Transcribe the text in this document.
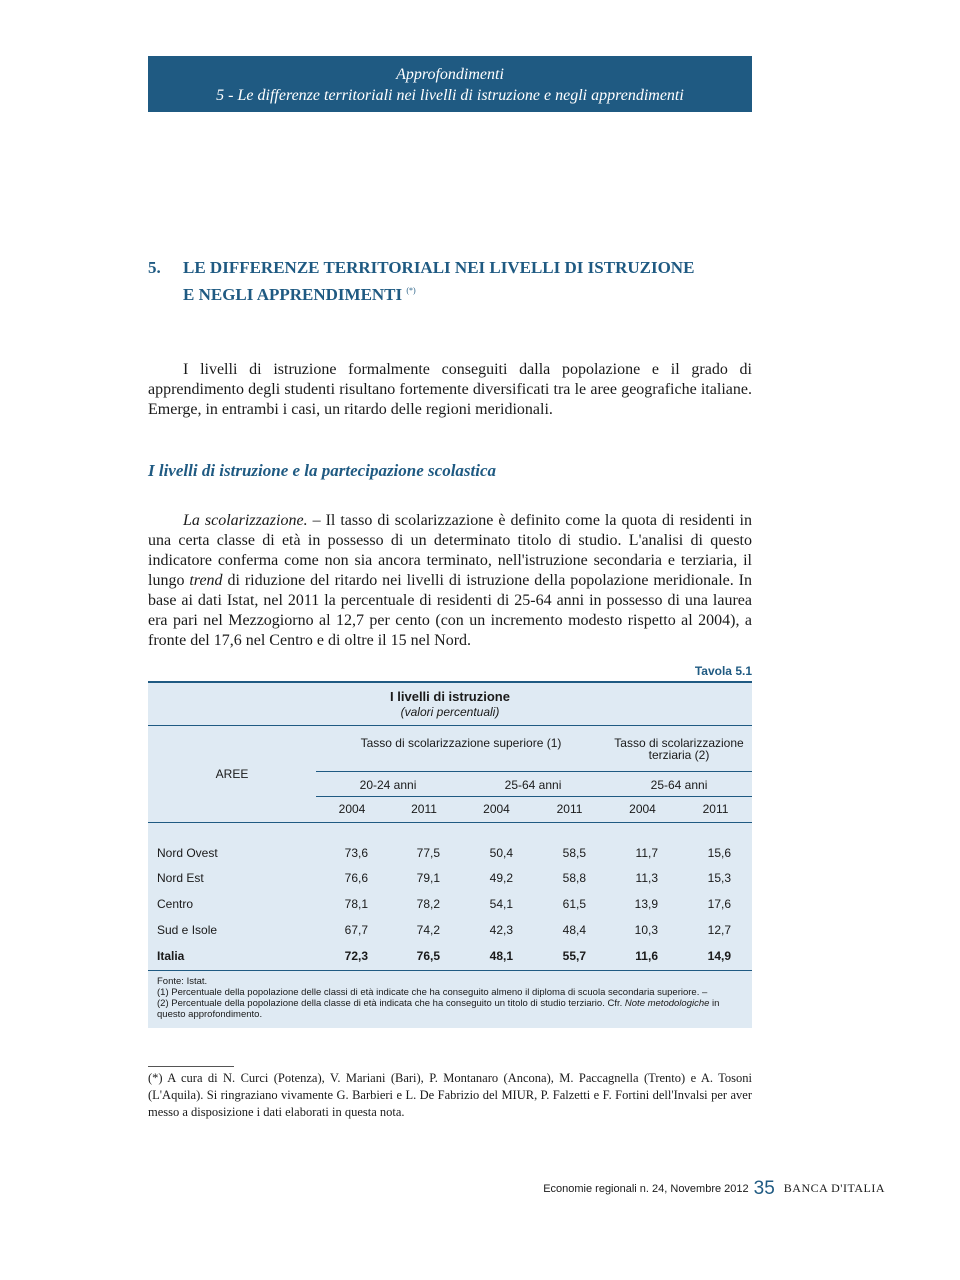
Approfondimenti
5 - Le differenze territoriali nei livelli di istruzione e negli apprendimenti
5. LE DIFFERENZE TERRITORIALI NEI LIVELLI DI ISTRUZIONE
E NEGLI APPRENDIMENTI (*)

I livelli di istruzione formalmente conseguiti dalla popolazione e il grado di apprendimento degli studenti risultano fortemente diversificati tra le aree geografiche italiane. Emerge, in entrambi i casi, un ritardo delle regioni meridionali.

I livelli di istruzione e la partecipazione scolastica

La scolarizzazione. – Il tasso di scolarizzazione è definito come la quota di residenti in una certa classe di età in possesso di un determinato titolo di studio. L'analisi di questo indicatore conferma come non sia ancora terminato, nell'istruzione secondaria e terziaria, il lungo trend di riduzione del ritardo nei livelli di istruzione della popolazione meridionale. In base ai dati Istat, nel 2011 la percentuale di residenti di 25-64 anni in possesso di una laurea era pari nel Mezzogiorno al 12,7 per cento (con un incremento modesto rispetto al 2004), a fronte del 17,6 nel Centro e di oltre il 15 nel Nord.

Tavola 5.1
I livelli di istruzione
(valori percentuali)
AREE
Tasso di scolarizzazione superiore (1)	Tasso di scolarizzazione
terziaria (2)
20-24 anni	25-64 anni	25-64 anni
2004	2011	2004	2011	2004	2011
Nord Ovest	73,6	77,5	50,4	58,5	11,7	15,6
Nord Est	76,6	79,1	49,2	58,8	11,3	15,3
Centro	78,1	78,2	54,1	61,5	13,9	17,6
Sud e Isole	67,7	74,2	42,3	48,4	10,3	12,7
Italia	72,3	76,5	48,1	55,7	11,6	14,9
Fonte: Istat.
(1) Percentuale della popolazione delle classi di età indicate che ha conseguito almeno il diploma di scuola secondaria superiore. –
(2) Percentuale della popolazione della classe di età indicata che ha conseguito un titolo di studio terziario. Cfr. Note metodologiche in questo approfondimento.

(*) A cura di N. Curci (Potenza), V. Mariani (Bari), P. Montanaro (Ancona), M. Paccagnella (Trento) e A. Tosoni (L'Aquila). Si ringraziano vivamente G. Barbieri e L. De Fabrizio del MIUR, P. Falzetti e F. Fortini dell'Invalsi per aver messo a disposizione i dati elaborati in questa nota.

Economie regionali n. 24, Novembre 2012 35 BANCA D'ITALIA
